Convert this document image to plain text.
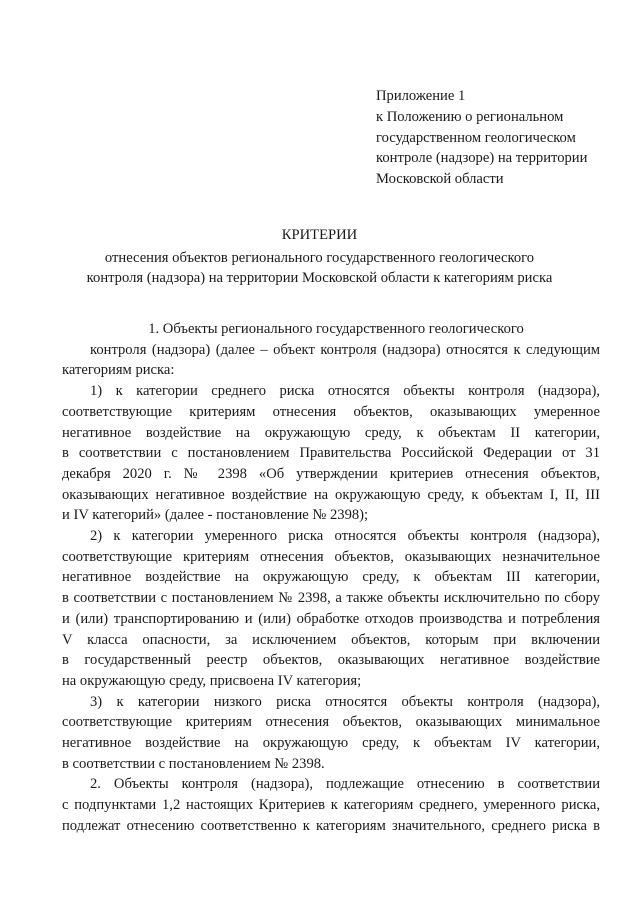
Приложение 1
к Положению о региональном
государственном геологическом
контроле (надзоре) на территории
Московской области
КРИТЕРИИ
отнесения объектов регионального государственного геологического
контроля (надзора) на территории Московской области к категориям риска
1. Объекты регионального государственного геологического
контроля (надзора) (далее – объект контроля (надзора) относятся к следующим
категориям риска:
1) к категории среднего риска относятся объекты контроля (надзора),
соответствующие критериям отнесения объектов, оказывающих умеренное
негативное воздействие на окружающую среду, к объектам II категории,
в соответствии с постановлением Правительства Российской Федерации от 31
декабря 2020 г. № 2398 «Об утверждении критериев отнесения объектов,
оказывающих негативное воздействие на окружающую среду, к объектам I, II, III
и IV категорий» (далее - постановление № 2398);
2) к категории умеренного риска относятся объекты контроля (надзора),
соответствующие критериям отнесения объектов, оказывающих незначительное
негативное воздействие на окружающую среду, к объектам III категории,
в соответствии с постановлением № 2398, а также объекты исключительно по сбору
и (или) транспортированию и (или) обработке отходов производства и потребления
V класса опасности, за исключением объектов, которым при включении
в государственный реестр объектов, оказывающих негативное воздействие
на окружающую среду, присвоена IV категория;
3) к категории низкого риска относятся объекты контроля (надзора),
соответствующие критериям отнесения объектов, оказывающих минимальное
негативное воздействие на окружающую среду, к объектам IV категории,
в соответствии с постановлением № 2398.
2. Объекты контроля (надзора), подлежащие отнесению в соответствии
с подпунктами 1,2 настоящих Критериев к категориям среднего, умеренного риска,
подлежат отнесению соответственно к категориям значительного, среднего риска в
